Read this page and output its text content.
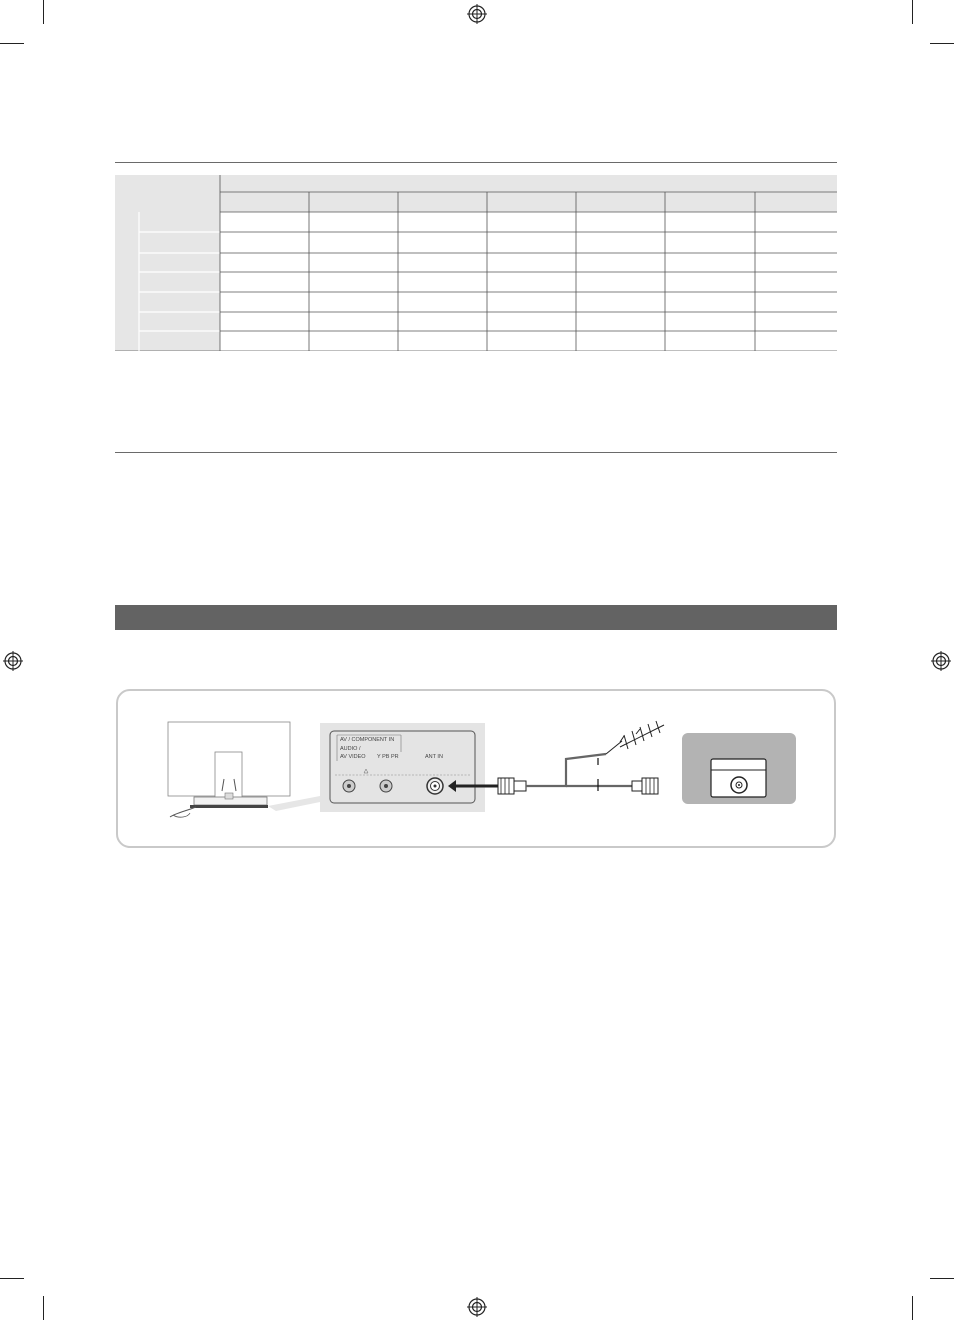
AV / COMPONENT IN
AUDIO /
AV VIDEO Y PB PR	ANT IN
